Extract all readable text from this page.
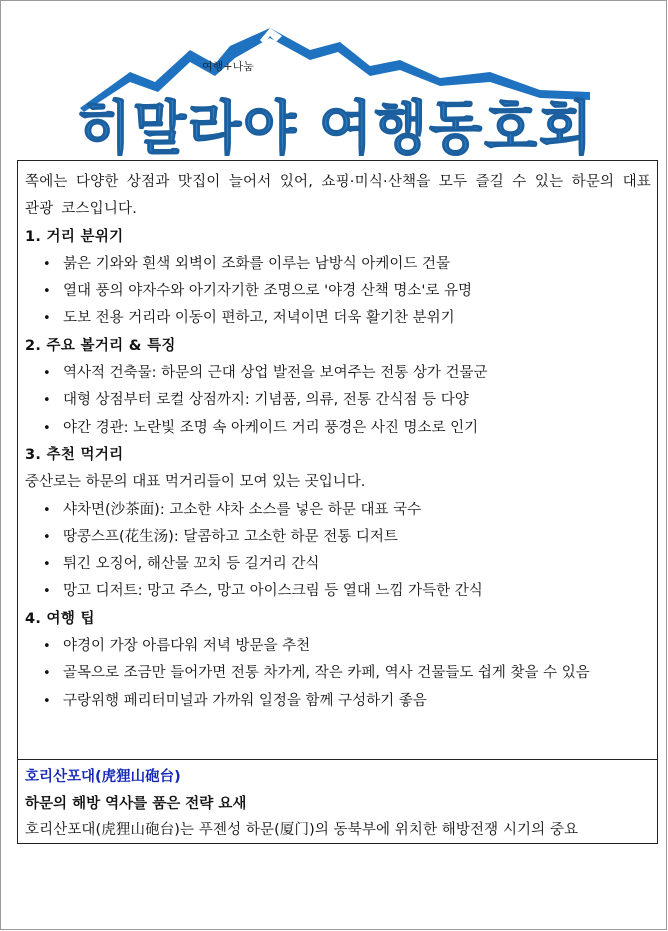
여행+나눔
히말라야 여행동호회

쪽에는 다양한 상점과 맛집이 늘어서 있어, 쇼핑·미식·산책을 모두 즐길 수 있는 하문의 대표 관광 코스입니다.

1. 거리 분위기

• 붉은 기와와 흰색 외벽이 조화를 이루는 남방식 아케이드 건물
• 열대 풍의 야자수와 아기자기한 조명으로 '야경 산책 명소'로 유명
• 도보 전용 거리라 이동이 편하고, 저녁이면 더욱 활기찬 분위기

2. 주요 볼거리 & 특징

• 역사적 건축물: 하문의 근대 상업 발전을 보여주는 전통 상가 건물군
• 대형 상점부터 로컬 상점까지: 기념품, 의류, 전통 간식점 등 다양
• 야간 경관: 노란빛 조명 속 아케이드 거리 풍경은 사진 명소로 인기

3. 추천 먹거리

중산로는 하문의 대표 먹거리들이 모여 있는 곳입니다.

• 샤차면(沙茶面): 고소한 샤차 소스를 넣은 하문 대표 국수
• 땅콩스프(花生汤): 달콤하고 고소한 하문 전통 디저트
• 튀긴 오징어, 해산물 꼬치 등 길거리 간식
• 망고 디저트: 망고 주스, 망고 아이스크림 등 열대 느낌 가득한 간식

4. 여행 팁

• 야경이 가장 아름다워 저녁 방문을 추천
• 골목으로 조금만 들어가면 전통 차가게, 작은 카페, 역사 건물들도 쉽게 찾을 수 있음
• 구랑위행 페리터미널과 가까워 일정을 함께 구성하기 좋음

호리산포대(虎狸山砲台)

하문의 해방 역사를 품은 전략 요새

호리산포대(虎狸山砲台)는 푸젠성 하문(厦门)의 동북부에 위치한 해방전쟁 시기의 중요
